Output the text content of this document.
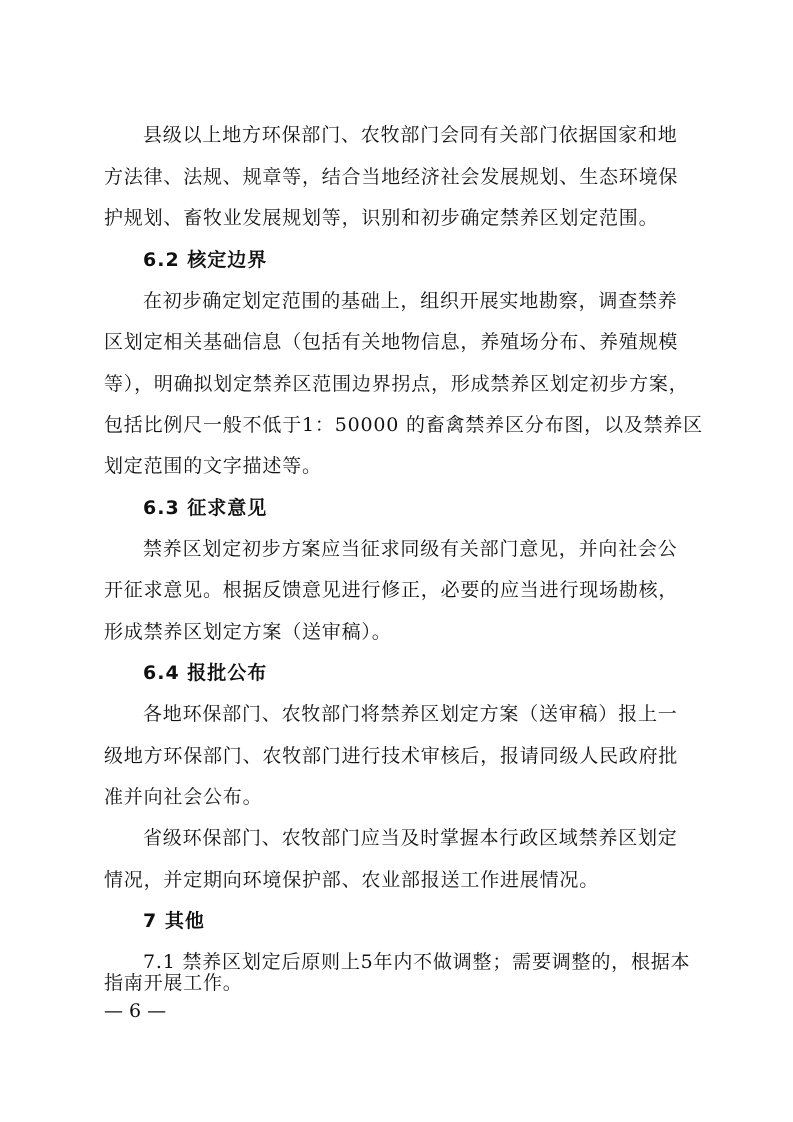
县级以上地方环保部门、农牧部门会同有关部门依据国家和地
方法律、法规、规章等，结合当地经济社会发展规划、生态环境保
护规划、畜牧业发展规划等，识别和初步确定禁养区划定范围。
6.2 核定边界
在初步确定划定范围的基础上，组织开展实地勘察，调查禁养
区划定相关基础信息（包括有关地物信息，养殖场分布、养殖规模
等），明确拟划定禁养区范围边界拐点，形成禁养区划定初步方案，
包括比例尺一般不低于1：50000 的畜禽禁养区分布图，以及禁养区
划定范围的文字描述等。
6.3 征求意见
禁养区划定初步方案应当征求同级有关部门意见，并向社会公
开征求意见。根据反馈意见进行修正，必要的应当进行现场勘核，
形成禁养区划定方案（送审稿）。
6.4 报批公布
各地环保部门、农牧部门将禁养区划定方案（送审稿）报上一
级地方环保部门、农牧部门进行技术审核后，报请同级人民政府批
准并向社会公布。
省级环保部门、农牧部门应当及时掌握本行政区域禁养区划定
情况，并定期向环境保护部、农业部报送工作进展情况。
7 其他
7.1 禁养区划定后原则上5年内不做调整；需要调整的，根据本
指南开展工作。
— 6 —
